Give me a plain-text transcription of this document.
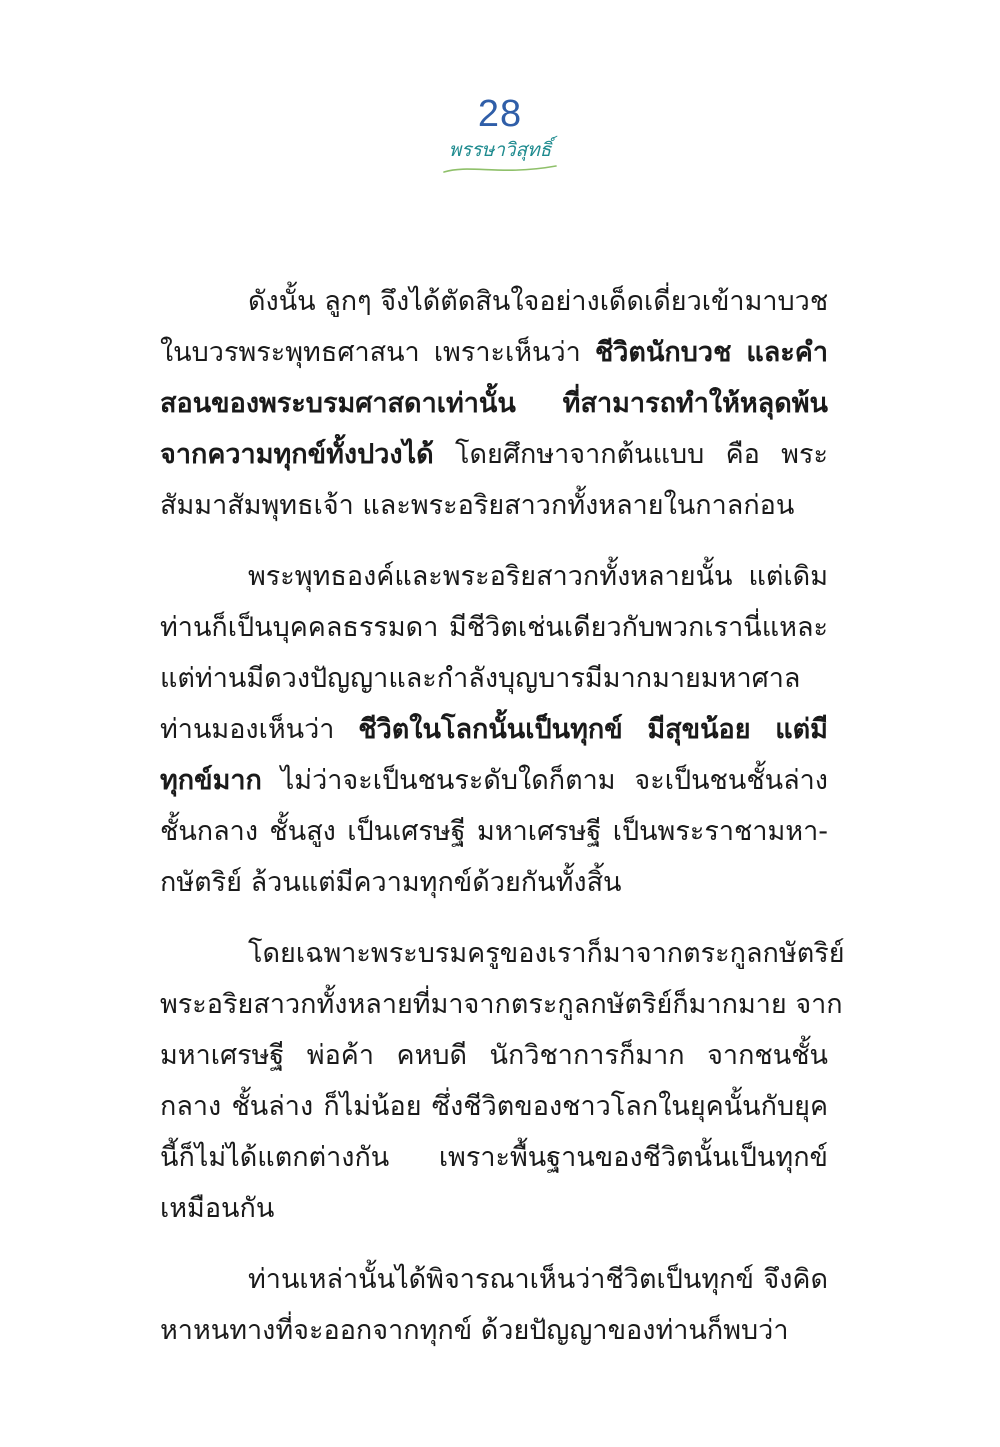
28
พรรษาวิสุทธิ์
ดังนั้น ลูกๆ จึงได้ตัดสินใจอย่างเด็ดเดี่ยวเข้ามาบวช
ในบวรพระพุทธศาสนา เพราะเห็นว่า ชีวิตนักบวช และคำ
สอนของพระบรมศาสดาเท่านั้น ที่สามารถทำให้หลุดพ้น
จากความทุกข์ทั้งปวงได้ โดยศึกษาจากต้นแบบ คือ พระ
สัมมาสัมพุทธเจ้า และพระอริยสาวกทั้งหลายในกาลก่อน
พระพุทธองค์และพระอริยสาวกทั้งหลายนั้น แต่เดิม
ท่านก็เป็นบุคคลธรรมดา มีชีวิตเช่นเดียวกับพวกเรานี่แหละ
แต่ท่านมีดวงปัญญาและกำลังบุญบารมีมากมายมหาศาล
ท่านมองเห็นว่า ชีวิตในโลกนั้นเป็นทุกข์ มีสุขน้อย แต่มี
ทุกข์มาก ไม่ว่าจะเป็นชนระดับใดก็ตาม จะเป็นชนชั้นล่าง
ชั้นกลาง ชั้นสูง เป็นเศรษฐี มหาเศรษฐี เป็นพระราชามหา-
กษัตริย์ ล้วนแต่มีความทุกข์ด้วยกันทั้งสิ้น
โดยเฉพาะพระบรมครูของเราก็มาจากตระกูลกษัตริย์
พระอริยสาวกทั้งหลายที่มาจากตระกูลกษัตริย์ก็มากมาย จาก
มหาเศรษฐี พ่อค้า คหบดี นักวิชาการก็มาก จากชนชั้น
กลาง ชั้นล่าง ก็ไม่น้อย ซึ่งชีวิตของชาวโลกในยุคนั้นกับยุค
นี้ก็ไม่ได้แตกต่างกัน เพราะพื้นฐานของชีวิตนั้นเป็นทุกข์
เหมือนกัน
ท่านเหล่านั้นได้พิจารณาเห็นว่าชีวิตเป็นทุกข์ จึงคิด
หาหนทางที่จะออกจากทุกข์ ด้วยปัญญาของท่านก็พบว่า
